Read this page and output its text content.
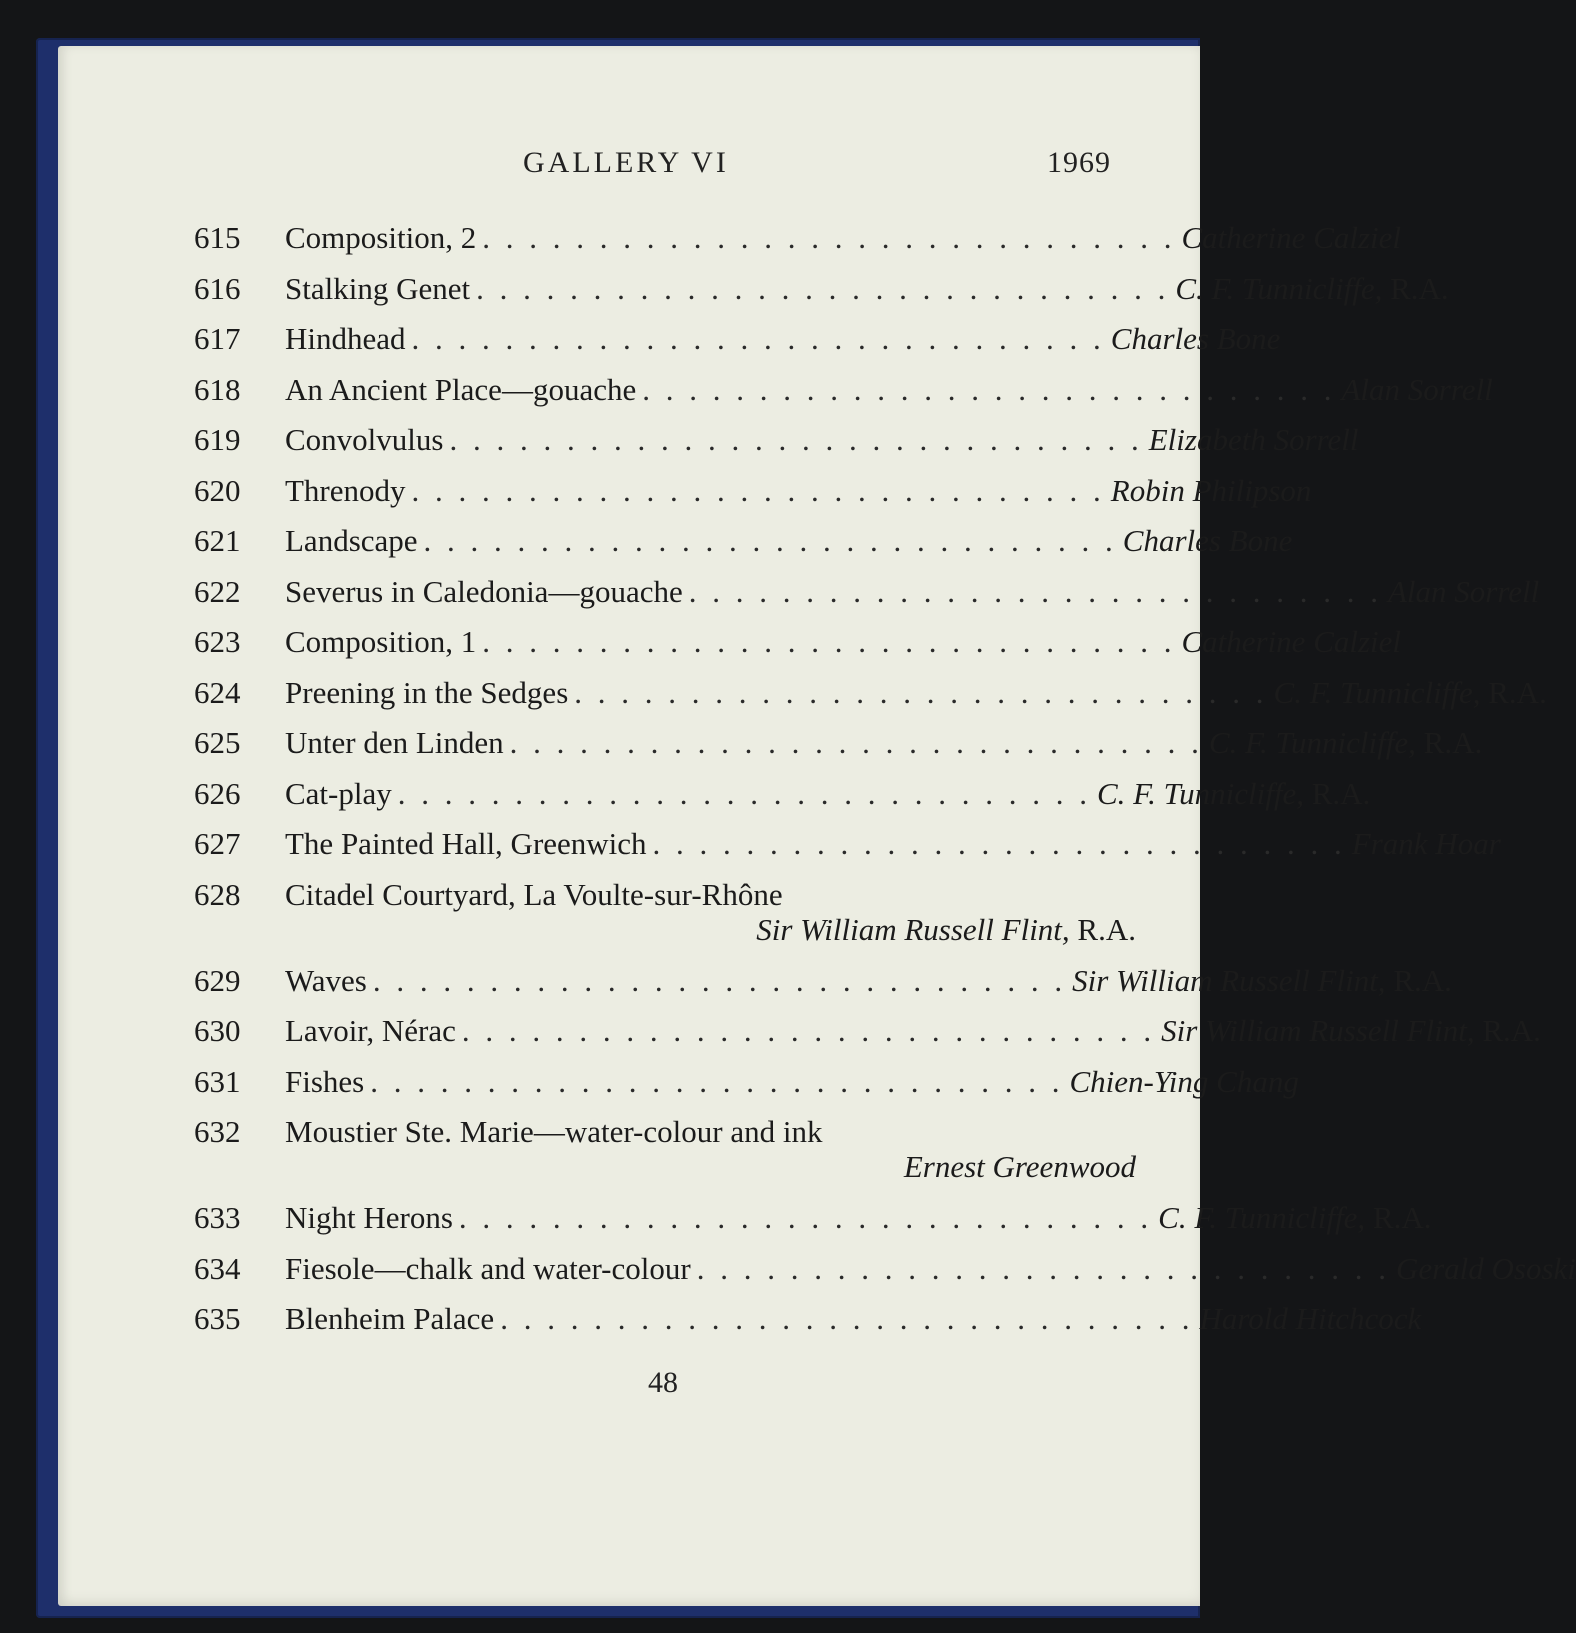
GALLERY VI	1969
615 Composition, 2 . . . . . . . . . . . . . . . . . . . . . . . . . . . . . . Catherine Calziel
616 Stalking Genet . . . . . . . . . . . . . . . . . . . . . . . . . . . . . . C. F. Tunnicliffe, R.A.
617 Hindhead . . . . . . . . . . . . . . . . . . . . . . . . . . . . . . Charles Bone
618 An Ancient Place —gouache . . . . . . . . . . . . . . . . . . . . . . . . . . . . . . Alan Sorrell
619 Convolvulus . . . . . . . . . . . . . . . . . . . . . . . . . . . . . . Elizabeth Sorrell
620 Threnody . . . . . . . . . . . . . . . . . . . . . . . . . . . . . . Robin Philipson
621 Landscape . . . . . . . . . . . . . . . . . . . . . . . . . . . . . . Charles Bone
622 Severus in Caledonia —gouache . . . . . . . . . . . . . . . . . . . . . . . . . . . . . . Alan Sorrell
623 Composition, 1 . . . . . . . . . . . . . . . . . . . . . . . . . . . . . . Catherine Calziel
624 Preening in the Sedges . . . . . . . . . . . . . . . . . . . . . . . . . . . . . . C. F. Tunnicliffe, R.A.
625 Unter den Linden . . . . . . . . . . . . . . . . . . . . . . . . . . . . . . C. F. Tunnicliffe, R.A.
626 Cat-play . . . . . . . . . . . . . . . . . . . . . . . . . . . . . . C. F. Tunnicliffe, R.A.
627 The Painted Hall, Greenwich . . . . . . . . . . . . . . . . . . . . . . . . . . . . . . Frank Hoar
628 Citadel Courtyard, La Voulte-sur-Rhône
Sir William Russell Flint, R.A.
629 Waves . . . . . . . . . . . . . . . . . . . . . . . . . . . . . . Sir William Russell Flint, R.A.
630 Lavoir, Nérac . . . . . . . . . . . . . . . . . . . . . . . . . . . . . . Sir William Russell Flint, R.A.
631 Fishes . . . . . . . . . . . . . . . . . . . . . . . . . . . . . . Chien-Ying Chang
632 Moustier Ste. Marie —water-colour and ink
Ernest Greenwood
633 Night Herons . . . . . . . . . . . . . . . . . . . . . . . . . . . . . . C. F. Tunnicliffe, R.A.
634 Fiesole —chalk and water-colour . . . . . . . . . . . . . . . . . . . . . . . . . . . . . . Gerald Ososki
635 Blenheim Palace . . . . . . . . . . . . . . . . . . . . . . . . . . . . . . Harold Hitchcock
48
